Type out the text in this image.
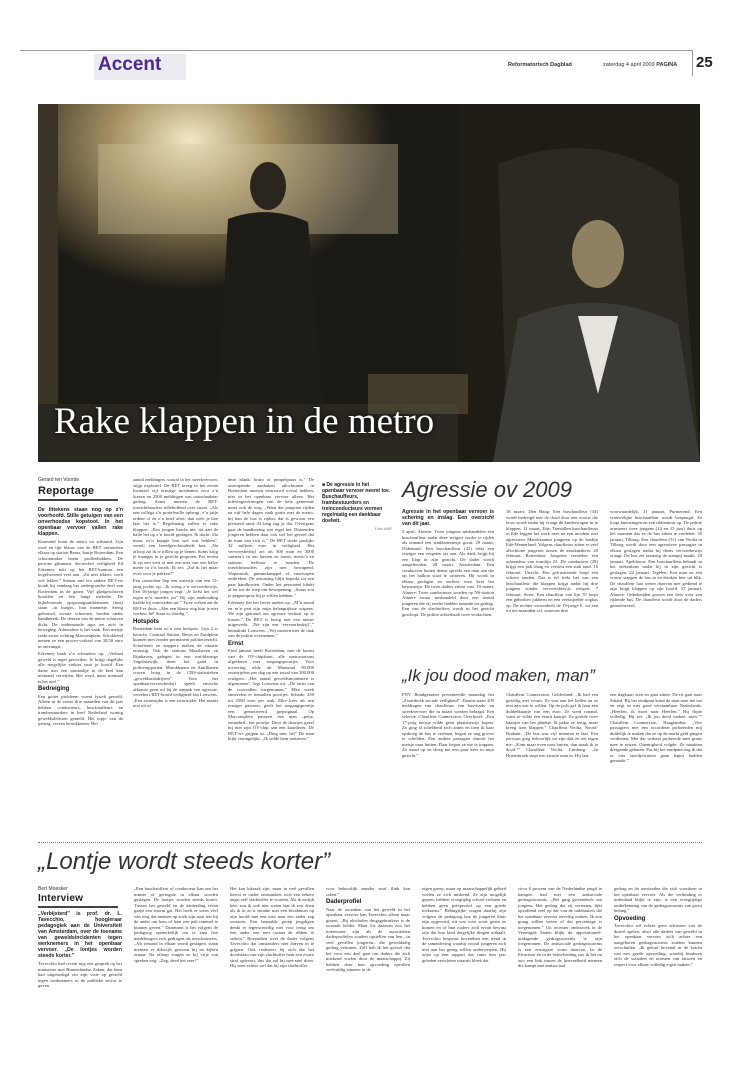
Accent	Reformatorisch Dagblad	zaterdag 4 april 2009 PAGINA 25
Rake klappen in de metro
Gerard ten Voorde
Reportage

De littekens staan nog op z’n voorhoofd. Stille getuigen van een onverhoedse kopstoot. In het openbaar vervoer vallen rake klappen.

Knarsend komt de metro tot stilstand. Lijn rood en lijn blauw van de RET ontmoeten elkaar op station Beurs, hartje Rotterdam. Een schoonmaker boent prullenbakken. De perrons glimmen. Sectiechef veiligheid Ed Erkemey tokt op het RET-kantoor een kogelwerend vest aan. „Zit niet lekker, voelt wel lekker.” Samen met ten andere RET-ers houdt hij vandaag het ondergrondse deel van Rotterdam in de gaten. Vijf gladgeschoren hoofden en één lange melodie. De bijbehorende opsporingsambtenaren (boa) staan –in burger– hun mannetje. Sterig gebouwd, zwarte schoenen, borden onder handbereik. De deuren van de metro schuiven dicht. De ondernaarde rups zet zich in beweging. Adrenaline is het vaak. Een meisje raakt zwart richting Marconiplein. Schokkend nemen ze een proces-verbaal van 38,50 euro in ontvangst.

Erkemey haalt z’n schouders op. „Verbaal geweld is regel geworden. Je krijgt dagelijks alle mogelijke ziektes naar je hoofd. Een dame met een sandaaltje in de keel kan niemand verwijten. Het werd, maar normaal is het niet.”

Bedreiging

Een groter probleem vormt fysiek geweld. Alleen in de eerste drie maanden van dit jaar hebben conducteurs, buschauffeurs en trambestuurders in heel Nederland twintig geweldsdelicten gemeld. Het topje van de ijsberg, vrezen betrokkenen. Het

aantal meldingen, vooral in het streekvervoer, stijgt explosief. De RET kreeg in het eerste kwartaal vijf ernstige incidenten voor z’n kiezen en 2500 meldingen van ontoelaatbaar gedrag. Soms moeten de RET-toezichthouders rollebollend over straat. „Als een collega z’n portefeuille opbergt, z’n jasje ordent of en z’n brief afset, dan weet je hoe laat het is.” Regelmatig vallen er rake klappen. „Een jongen bracht me, tot aan de halte het op z’n hoofd geslagen. Ik dacht: Sla maar, m’n koppie kan wel wat hebben”, vertelt een breedgeschouderde boa. „Na afloop zat ik te trillen op je benen. Soms krijg je traangas in je gezicht gespoten. Pas recent ik op een vent af met een mes van een halve meter in z’n broek. Ik zei: „Zal ik het maar even voor je pakken?”

Een controleur liep een watertje van een 15-jarig jochie op. „Ik vroeg z’n vervoerbewijs. Een 16-jarige jongen zegt: „Je liefst het wel tegen m’n moeder, jat” Bij zijn aanhouding haalde hij ontevreden uit.” Twee weken zat de RET-er thuis. „Met een blauw oog kun je niet werken, hè! Staat zo slordig.”

Hotspots

Rotterdam kent zo’n tien hotspots. Lijn 2 is berucht. Centraal Station, Beurs en Zuidplein kunnen niet zonder permanent politietoezicht. Scholieren en stappers maken de situatie onrustig. Ook de stations Maashaven en Rijnhaven, gelegen in een wat-bleurige Vogelaarwijk, doen het goed in politierapporten. Marokkanen en Antillianen scoren hoog in de CBS-statistieken „geweldsmisdrijven”. Voor het openbaarvervoerbedrijf speelt etnische afkomst geen rol bij de aanpak van agressie, verzekert RET-hoofd veiligheid Jan Louwens. „Een zwartrijder is een zwartrijder. Het maakt niet uit of

deze blank, bruin of pimpelpaars is.” De ontwapende aanhaken allochtonen in Rotterdam moeten vertrouwd overal hebben, niet in het openbaar vervoer alleen. Het inlevingsvermogen van de hele gemeente moet ook de weg. „Want die jongeren rijden na vijf hele dagen vaak gratis met de metro, hij kan de bus is rijden, dat is gewoon een pleisterd rand. Al lang zag je dat. Overigens gaat de handhaving wat regel het. Duizenden jongeren hebben daar ook wel het gevoel dat de tram van zich is.” De RET strekt jaarlijks 32 miljoen euro in veiligheid. Het vervoersbedrijf zet als 300 man en 3000 camera’s in om bussen en trams, metro’s en stations leefbaar te houden. De toezichthouders zijn niet bewapend. Wapenstok, gummiknuppel of vuurwapen ontbreken. De uitrusting blijft beperkt tot een paar handboeien. Onder het personeel blinkt af en toe de roep om bewapening. „Soms zou je pepperspray bij je willen hebben.”

Erkemey liet het liever anders op. „M’n mond en m’n pen zijn mijn belangrijkste wapens. We zijn getraind om agressie verbaal op te lossen.” De RET is bezig met een nieuw uitgewerkt. „We zijn een ‘vervoerbedrijf’,” benadrukt Louwens. „Wij moeten niet de taak van de politie overnemen.”

Ernst

Eind januari heeft Rotterdam, met de komst van de OV-chipkaart, alle metrostations afgesloten met toegangspoortjes. Voor invoering telde de Maasstad 90.000 zwartrijders per dag op een totaal van 300.000 reizigers. „Het aantal geweldsincidenten is afgenomen”, legt Louwens uit. „De ernst van de voorvallen toegenomen.” Elke week sneuvelen er tientallen poortjes. Schade: 250 tot 2500 euro per stuk. Elke keer als een reiziger passeert, geeft het toegangspoortje een gemotiveerd piepsignaal. Op Marconiplein passeert een man –petje, zonnebril– het poortje. Door de deurtjes gezel hij niet zijn OV-chip aan een kaartlezer. De RET’ers grijpen in. „Ding niet, hè!” De man kijkt verongelijkt. „Ik wilde hem trakteren.”

■ De agressie in het openbaar vervoer neemt toe. Buschauffeurs, trambestuurders en treinconducteurs vormen regelmatig een dankbaar doelwit.
Foto ANP
Agressie ov 2009

Agressie in het openbaar vervoer is schering en inslag. Een overzicht van dit jaar.

2 april, Almere: Twee jongens mishandelen een buschauffeur nadat deze weigert verder te rijden als iemand een stinkbommetje gooit. 29 maart, Oldenzaal: Een buschauffeur (42) reikt een reiziger een vergeten tas aan. Als dank krijgt hij een klap in zijn gezicht. De dader wordt aangehouden. 28 maart, Amsterdam: Een conducteur buiten dienst spreekt een man aan die op het balkon staat te urineren. Hij wordt in elkaar geslagen en verliest twee keer het bewustzijn. De twee daders zitten vast. 19 maart, Almere: Twee conducteurs worden op NS-station Almere zwaar mishandeld door een tiental jongeren die zij eerder hadden maande tot gedrag. Een van de slachtoffers wordt in het gezicht geschopt. De politie achterhaalt twee verdachten.

18 maart, Den Haag: Een buschauffeur (34) wordt bedreigd met de dood door een vrouw die boos wordt nadat hij vraagt de kinderwagen in te klappen. 11 maart, Ede: Tientallen buschauffeurs in Ede leggen het werk neer na een incident met agressieve Marokkaanse jongeren op de buslijn Ede-Wenterland. Volgens chauffeurs zitten er veel allochtone jongeren tussen de amokmakers. 20 februari, Rotterdam: Jongeren vernielen een achterdeur van tramlijn 23. De conducteur (28) krijgt een pak slaag en verliest een stuk tand. 16 februari, Utrecht: Een gefrustreerde loopt een schoen tanden. Dat is fel trekt het van een buschauffeur die klappen krijgt nadat hij drie jongens zonder vervoersbewijs weigert. 7 februari, Soest: Een chauffeur van lijn 70 loopt een gebroken jukbeen en een verbrijzelde oogkas op. De rechter veroordeelt de 19-jarige E. tot een tot ten maanden cel, waarvan drie

voorwaardelijk. 31 januari, Purmerend: Een vrouwelijke buschauffeur wordt bespuugd. Ze loopt kneuzingen en een ribbentuur op. De politie arresteert twee jongens (14 en 15 jaar) thuis op het moment dat ze de bus zitten te verdelen. 30 januari, Tilburg: Een chauffeur (51) van Veolia in Tilburg wordt door een agressieve passagier in elkaar geslagen nadat hij diens vervoerbewijs vraagt. De bus zet onrustig de stampij maakt. 29 januari, Apeldoorn: Een buschauffeur belandt in het ziekenhuis nadat hij in zijn gezicht is geslagen. 22 januari, Tegelen: Een man en een vrouw stappen de bus in en drinken bier uit blik. De chauffeur laat weten daarvan niet gediend te zijn krijgt klappen op zijn hoofd. 17 januari, Almere: Onbekenden gooien een fiets voor een rijdende bus. De chauffeur wordt door de daders gemolesteerd.

„Ik jou dood maken, man”

FNV Bondgenoten presenteerde maandag het „Zwartboek sociale veiligheid”. Daarin staan 209 meldingen van chauffeurs van bus-stads- en streekvervoer die in maart werden belaagd. Een selectie. Chauffeur Connexxion, Overijssel: „Een 17-jarig meisje wilde geen plaatsbewijs kopen. Zo ging al scheldend toch zitten en toen ik haar opdroeg de bus te verlaten, begon ze nog grover te schelden. Een andere passagier duwde het meisje naar buiten. Daar begon ze me te trappen. Ze stond op en sloeg me een paar keer in mijn gezicht.”

Chauffeur Connexxion, Gelderland: „Ik had een gezellig met vrouw. Ze was aan het bellen en ze niet aan wat te willen. Op de pols gaf ik haar een dubbelkaartje van een euro. Ze werd ronaud, want ze wilde een eenrit kaartje. Ze gooide twee kaartjes van het plankje. Ik pakte ze terug, maar kreeg toen klappen.” Chauffeur Veolia, Noord-Brabant: „De bus was vijf minuten te laat. Eén persoon ging behoorlijk uit zijn dak en zei tegen me: „Kom maar even naar buiten, dan maak ik je dood.”” Chauffeur Veolia, Limburg: „In Hoensbroek stapt een zwarte man in. Hij laat

een dagkaart zien en gaat zitten. De rit gaat naar Sittard. Bij het eindpunt komt de man naar me toe en zegt in niet goed verstaanbaar Nederlands: „Heerlen, ik moet naar Heerlen.” Hij flipte volledig. Hij zei: „Ik jou dood maken, man.”” Chauffeur Connexxion, Haaglanden: „Vier passagiers met een accordeon probeerden mij duidelijk te maken dat ze op de markt geld gingen verdienen. Met dat verhaal probeerde mee gratis mee te reizen. Ouemigheid volgde. Ze maakten dreigende gebaren. Pas bij het eindpunt zag ik dat er vier stoeltjesruiten gaan kapot hadden gemaakt.”

„Lontje wordt steeds korter”
Bert Moesker
Interview

„Verbijsterd” is prof. dr. L. Tavecchio, hoogleraar pedagogiek aan de Universiteit van Amsterdam, over de toename van geweldsincidenten tegen werknemers in het openbaar vervoer. „De lontjes worden steeds korter.”

Tavecchio had recent nog een gesprek op het ministerie met Binnenlandse Zaken, dat hem had uitgenodigd om zijn visie op geweld tegen werknemers in de publieke sector te geven.

„Een buschauffeur of conducteur kan om het minste of geringste in elkaar worden geslagen. De lontjes worden steeds korter. Tussen het geweld en de aanleiding ervan gaapt een enorm gat. Het heeft er soms veel van weg dat mensen op zoek zijn naar iets bij de ander om hem of haar een pak rammel te kunnen geven.” Daarnaast is het volgens de pedagoog opmerkelijk om te zien hoe medeburgers zich gedragen als toeschouwers. „Als iemand in elkaar wordt geslagen, staan mensen er dikwijls gewoon bij en kijken ernaar. Na afloop vragen ze bij vrije van spreken nog: „Zeg, deed het zeer?”

Het kan lukraak zijn, maar in veel gevallen heerst er onder omstanders toch een zekere angst zelf slachtoffer te worden. Als ik eerlijk ben, zou ik ook niet weten wat ik zou doen als ik in zo’n situatie met een bivakmuts op zijn hoofd met een mes naar een ander zag zwaaien. Een bepaalde groep jeugdigen denkt er tegenwoordig niet voor terug om een ander een mes tussen de ribben te steken.” Bovendien weet de dader volgens Tavecchio dat omstanders niet durven in te grijpen. Ook realiseert hij zich dat het doodslaan van zijn slachtoffer hem een zware straf oplevert, dus dat zal hij niet snel doen. Hij weet echter wel dat hij zijn slachtoffer

voor behoorlijk minder straf flink kan raken.”

Daderprofiel

Naar de oorzaken van het geweld in het openbaar vervoer kan Tavecchio alleen maar gissen. „Bij alcoholen drugsgebruikers is de oorzaak helder. Maar los daarvan zou het interessant zijn als de autoriteiten daderprofielen zouden opstellen van hen –in veel gevallen jongeren– die geweldadig gedrag vertonen. Zelf heb ik het gevoel dat het voor een deel gaat om daders die zich miskend voelen door de maatschappij. Zij hebben door hun opvoeding opvallen veelvuldig aanzien in de

eigen groep, maar op maatschappelijk gebied voelen ze zich miskend. Ze zijn mogelijk gepest, hebben vroegtijdig school verlaten en hebben geen perspectief op een goede toekomst.” Belangrijke vragen daarbij zijn volgens de pedagoog hoe de jongeren thuis zijn opgevoed, uit wat voor soort gezin ze komen en of hun ouders zich ervan bewust zijn dat hun kind dergelijke dingen uithaalt. Tavecchio bespeurt bovendien een trend in de samenleving waarbij vooral jongeren zich niet aan het gezag willen onderwerpen. Hij wijst op een rapport dat ruim tien jaar geleden verscheen waaruit bleek dat

circa 6 procent van de Nederlandse jeugd te kampen had met een antisociale gedragsstoornis. „Het ging grotendeels om jongens. Het gedrag dat zij vertonen, lijkt opvallend veel op dat van de raddraaiers die het openbaar vervoer onveilig maken. Ik zou graag willen weten of dat percentage is toegenomen.” Uit recenter onderzoek in de Verenigde Staten blijkt de oppositioneel-uitdagende gedragsstoornis te zijn toegenomen. De antisociale gedragsstoornis is een ernstigere vorm daarvan. In de Efractuur en in de beïnvloeding zou ik het nu zoo een link tussen de hoeveelheid mensen die kampt met antisociaal

gedrag en de toestanden die zich voordoen in het openbaar vervoer. Als die verbinding er inderdaad blijkt te zijn, is een vroegtijdige onderkenning van de gedragsstoornis van groot belang.”

Opvoeding

Tavecchio wil echter geen adviezen van de duivel spelen, alsof alle daders van geweld in het openbaar vervoer zich achter een aangeboren gedragsstoornis zouden kunnen verschuilen. „Ik geloof bovenal in de kracht van een goede opvoeding, waarbij kinderen zich de waarden en normen van fatsoen en respect voor elkaar volledig eigen maken.”
